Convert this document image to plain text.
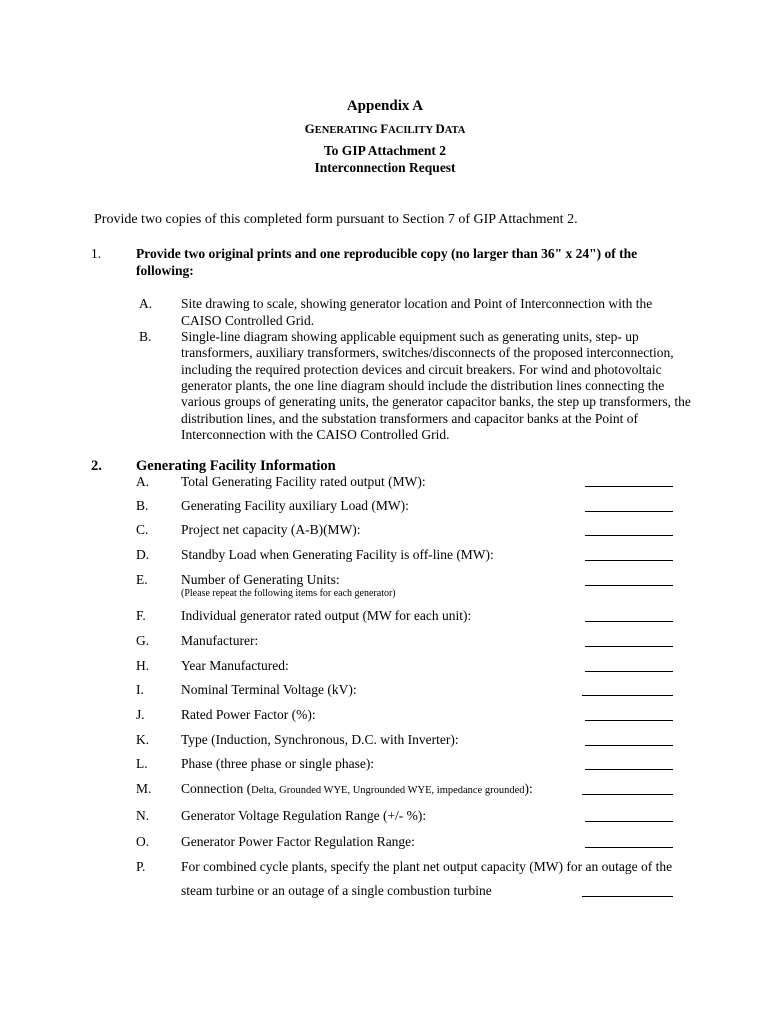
Appendix A
GENERATING FACILITY DATA
To GIP Attachment 2
Interconnection Request
Provide two copies of this completed form pursuant to Section 7 of GIP Attachment 2.
1.	Provide two original prints and one reproducible copy (no larger than 36" x 24") of the
following:
A. Site drawing to scale, showing generator location and Point of Interconnection with the
CAISO Controlled Grid.
B. Single-line diagram showing applicable equipment such as generating units, step- up
transformers, auxiliary transformers, switches/disconnects of the proposed interconnection,
including the required protection devices and circuit breakers. For wind and photovoltaic
generator plants, the one line diagram should include the distribution lines connecting the
various groups of generating units, the generator capacitor banks, the step up transformers, the
distribution lines, and the substation transformers and capacitor banks at the Point of
Interconnection with the CAISO Controlled Grid.
2. Generating Facility Information
A. Total Generating Facility rated output (MW):
B. Generating Facility auxiliary Load (MW):
C. Project net capacity (A-B)(MW):
D. Standby Load when Generating Facility is off-line (MW):
E. Number of Generating Units:
(Please repeat the following items for each generator)
F.	Individual generator rated output (MW for each unit):
G. Manufacturer:
H. Year Manufactured:
I.	Nominal Terminal Voltage (kV):
J.	Rated Power Factor (%):
K. Type (Induction, Synchronous, D.C. with Inverter):
L. Phase (three phase or single phase):
M. Connection (Delta, Grounded WYE, Ungrounded WYE, impedance grounded):
N. Generator Voltage Regulation Range (+/- %):
O. Generator Power Factor Regulation Range:
P.	For combined cycle plants, specify the plant net output capacity (MW) for an outage of the
steam turbine or an outage of a single combustion turbine
